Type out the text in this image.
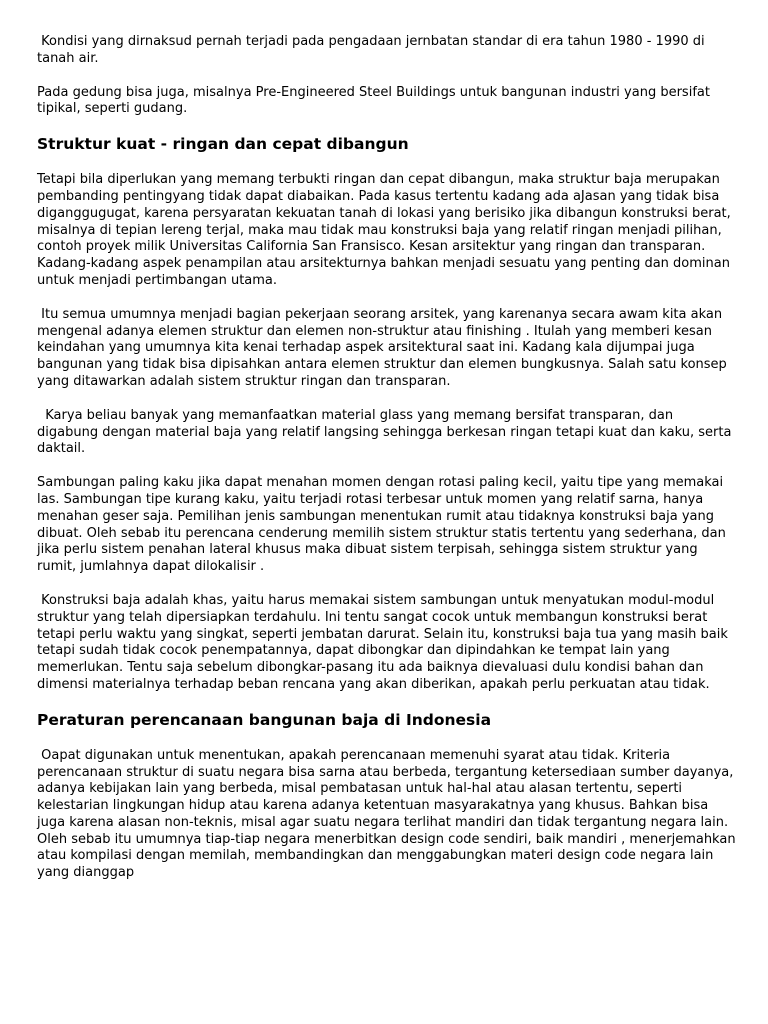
Kondisi yang dirnaksud pernah terjadi pada pengadaan jernbatan standar di era tahun 1980 - 1990 di tanah air.

Pada gedung bisa juga, misalnya Pre-Engineered Steel Buildings untuk bangunan industri yang bersifat tipikal, seperti gudang.

Struktur kuat - ringan dan cepat dibangun

Tetapi bila diperlukan yang memang terbukti ringan dan cepat dibangun, maka struktur baja merupakan pembanding pentingyang tidak dapat diabaikan. Pada kasus tertentu kadang ada aJasan yang tidak bisa diganggugugat, karena persyaratan kekuatan tanah di lokasi yang berisiko jika dibangun konstruksi berat, misalnya di tepian lereng terjal, maka mau tidak mau konstruksi baja yang relatif ringan menjadi pilihan, contoh proyek milik Universitas California San Fransisco. Kesan arsitektur yang ringan dan transparan. Kadang-kadang aspek penampilan atau arsitekturnya bahkan menjadi sesuatu yang penting dan dominan untuk menjadi pertimbangan utama.

Itu semua umumnya menjadi bagian pekerjaan seorang arsitek, yang karenanya secara awam kita akan mengenal adanya elemen struktur dan elemen non-struktur atau finishing . Itulah yang memberi kesan keindahan yang umumnya kita kenai terhadap aspek arsitektural saat ini. Kadang kala dijumpai juga bangunan yang tidak bisa dipisahkan antara elemen struktur dan elemen bungkusnya. Salah satu konsep yang ditawarkan adalah sistem struktur ringan dan transparan.

Karya beliau banyak yang memanfaatkan material glass yang memang bersifat transparan, dan digabung dengan material baja yang relatif langsing sehingga berkesan ringan tetapi kuat dan kaku, serta daktail.

Sambungan paling kaku jika dapat menahan momen dengan rotasi paling kecil, yaitu tipe yang memakai las. Sambungan tipe kurang kaku, yaitu terjadi rotasi terbesar untuk momen yang relatif sarna, hanya menahan geser saja. Pemilihan jenis sambungan menentukan rumit atau tidaknya konstruksi baja yang dibuat. Oleh sebab itu perencana cenderung memilih sistem struktur statis tertentu yang sederhana, dan jika perlu sistem penahan lateral khusus maka dibuat sistem terpisah, sehingga sistem struktur yang rumit, jumlahnya dapat dilokalisir .

Konstruksi baja adalah khas, yaitu harus memakai sistem sambungan untuk menyatukan modul-modul struktur yang telah dipersiapkan terdahulu. Ini tentu sangat cocok untuk membangun konstruksi berat tetapi perlu waktu yang singkat, seperti jembatan darurat. Selain itu, konstruksi baja tua yang masih baik tetapi sudah tidak cocok penempatannya, dapat dibongkar dan dipindahkan ke tempat lain yang memerlukan. Tentu saja sebelum dibongkar-pasang itu ada baiknya dievaluasi dulu kondisi bahan dan dimensi materialnya terhadap beban rencana yang akan diberikan, apakah perlu perkuatan atau tidak.

Peraturan perencanaan bangunan baja di Indonesia

Oapat digunakan untuk menentukan, apakah perencanaan memenuhi syarat atau tidak. Kriteria perencanaan struktur di suatu negara bisa sarna atau berbeda, tergantung ketersediaan sumber dayanya, adanya kebijakan lain yang berbeda, misal pembatasan untuk hal-hal atau alasan tertentu, seperti kelestarian lingkungan hidup atau karena adanya ketentuan masyarakatnya yang khusus. Bahkan bisa juga karena alasan non-teknis, misal agar suatu negara terlihat mandiri dan tidak tergantung negara lain. Oleh sebab itu umumnya tiap-tiap negara menerbitkan design code sendiri, baik mandiri , menerjemahkan atau kompilasi dengan memilah, membandingkan dan menggabungkan materi design code negara lain yang dianggap
